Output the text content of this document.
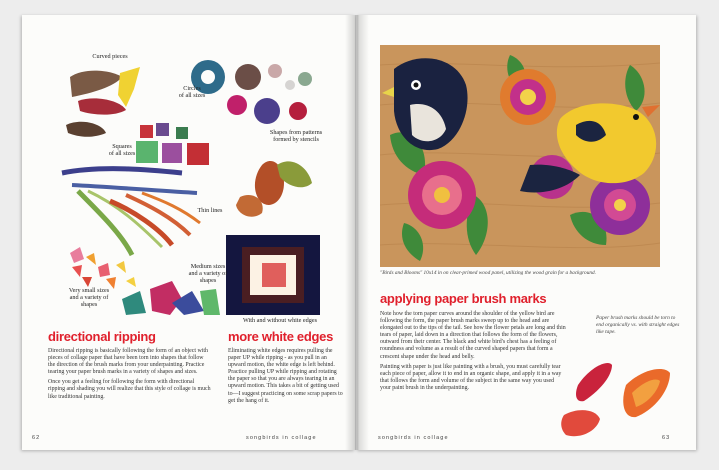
Curved pieces
Circles
of all sizes
Squares
of all sizes
Shapes from patterns
formed by stencils
Thin lines
Medium sizes
and a variety of
shapes
Very small sizes
and a variety of
shapes
With and without white edges
directional ripping

Directional ripping is basically following the form of an object with pieces of collage paper that have been torn into shapes that follow the direction of the brush marks from your underpainting. Practice tearing your paper brush marks in a variety of shapes and sizes.

Once you get a feeling for following the form with directional ripping and shading you will realize that this style of collage is much like traditional painting.

more white edges

Eliminating white edges requires pulling the paper UP while ripping - as you pull in an upward motion, the white edge is left behind. Practice pulling UP while ripping and rotating the paper so that you are always tearing in an upward motion. This takes a bit of getting used to—I suggest practicing on some scrap papers to get the hang of it.

62	songbirds in collage
"Birds and Blooms" 10x14 in on clear-primed wood panel, utilizing the wood grain for a background.
applying paper brush marks

Note how the torn paper curves around the shoulder of the yellow bird are following the form, the paper brush marks sweep up to the head and are elongated out to the tips of the tail. See how the flower petals are long and thin tears of paper, laid down in a direction that follows the form of the flowers, outward from their center. The black and white bird's chest has a feeling of roundness and volume as a result of the curved shaped papers that form a crescent shape under the head and belly.

Painting with paper is just like painting with a brush, you must carefully tear each piece of paper, allow it to end in an organic shape, and apply it in a way that follows the form and volume of the subject in the same way you used your paint brush in the underpainting.

Paper brush marks should be torn to end organically vs. with straight edges like tape.
songbirds in collage	63
